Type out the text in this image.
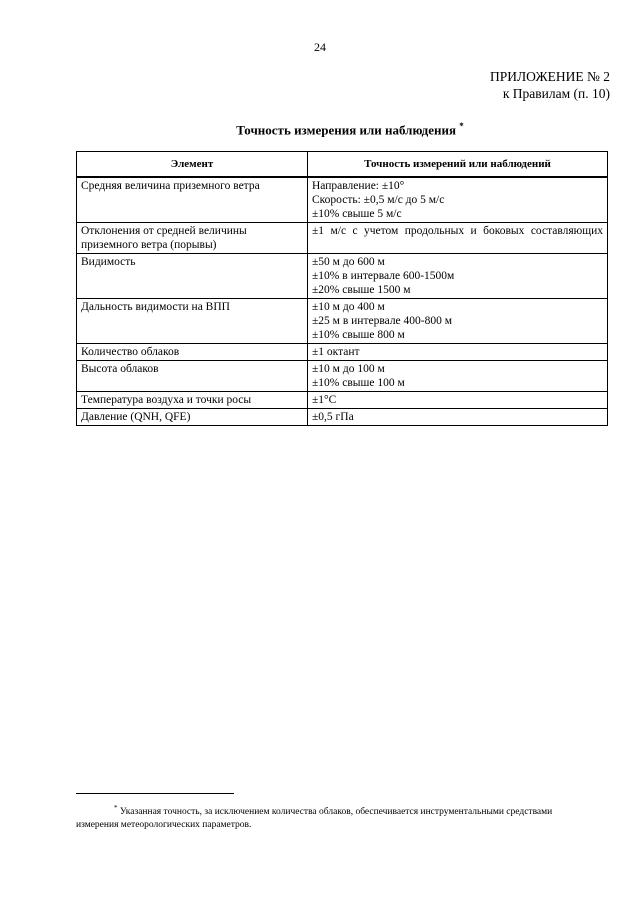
24
ПРИЛОЖЕНИЕ № 2
к Правилам (п. 10)
Точность измерения или наблюдения *
Элемент	Точность измерений или наблюдений
Средняя величина приземного ветра	Направление: ±10°
Скорость: ±0,5 м/с до 5 м/с
±10% свыше 5 м/с

Отклонения от средней величины приземного ветра (порывы)	±1 м/с с учетом продольных и боковых составляющих
Видимость	±50 м до 600 м
±10% в интервале 600-1500м
±20% свыше 1500 м

Дальность видимости на ВПП	±10 м до 400 м
±25 м в интервале 400-800 м
±10% свыше 800 м

Количество облаков	±1 октант

Высота облаков	±10 м до 100 м
±10% свыше 100 м

Температура воздуха и точки росы	±1°C

Давление (QNH, QFE)	±0,5 гПа
* Указанная точность, за исключением количества облаков, обеспечивается инструментальными средствами
измерения метеорологических параметров.
